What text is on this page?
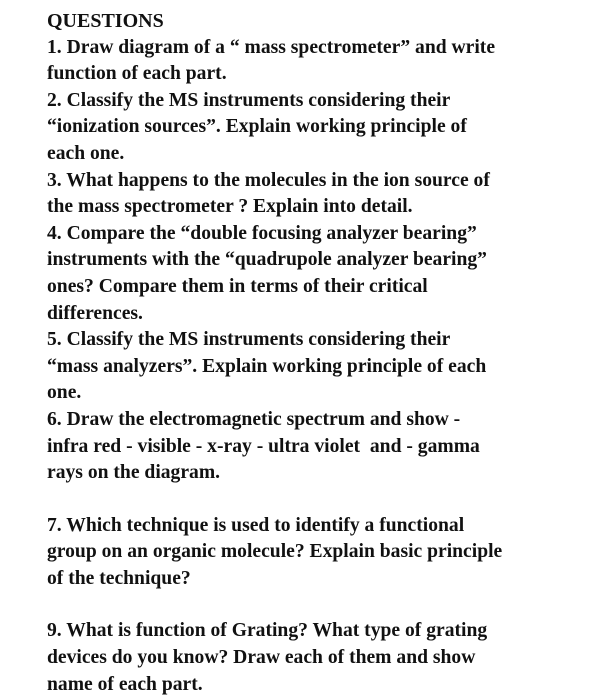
QUESTIONS
1. Draw diagram of a “ mass spectrometer” and write
function of each part.
2. Classify the MS instruments considering their
“ionization sources”. Explain working principle of
each one.
3. What happens to the molecules in the ion source of
the mass spectrometer ? Explain into detail.
4. Compare the “double focusing analyzer bearing”
instruments with the “quadrupole analyzer bearing”
ones? Compare them in terms of their critical
differences.
5. Classify the MS instruments considering their
“mass analyzers”. Explain working principle of each
one.
6. Draw the electromagnetic spectrum and show -
infra red - visible - x-ray - ultra violet  and - gamma
rays on the diagram.
7. Which technique is used to identify a functional
group on an organic molecule? Explain basic principle
of the technique?
9. What is function of Grating? What type of grating
devices do you know? Draw each of them and show
name of each part.
